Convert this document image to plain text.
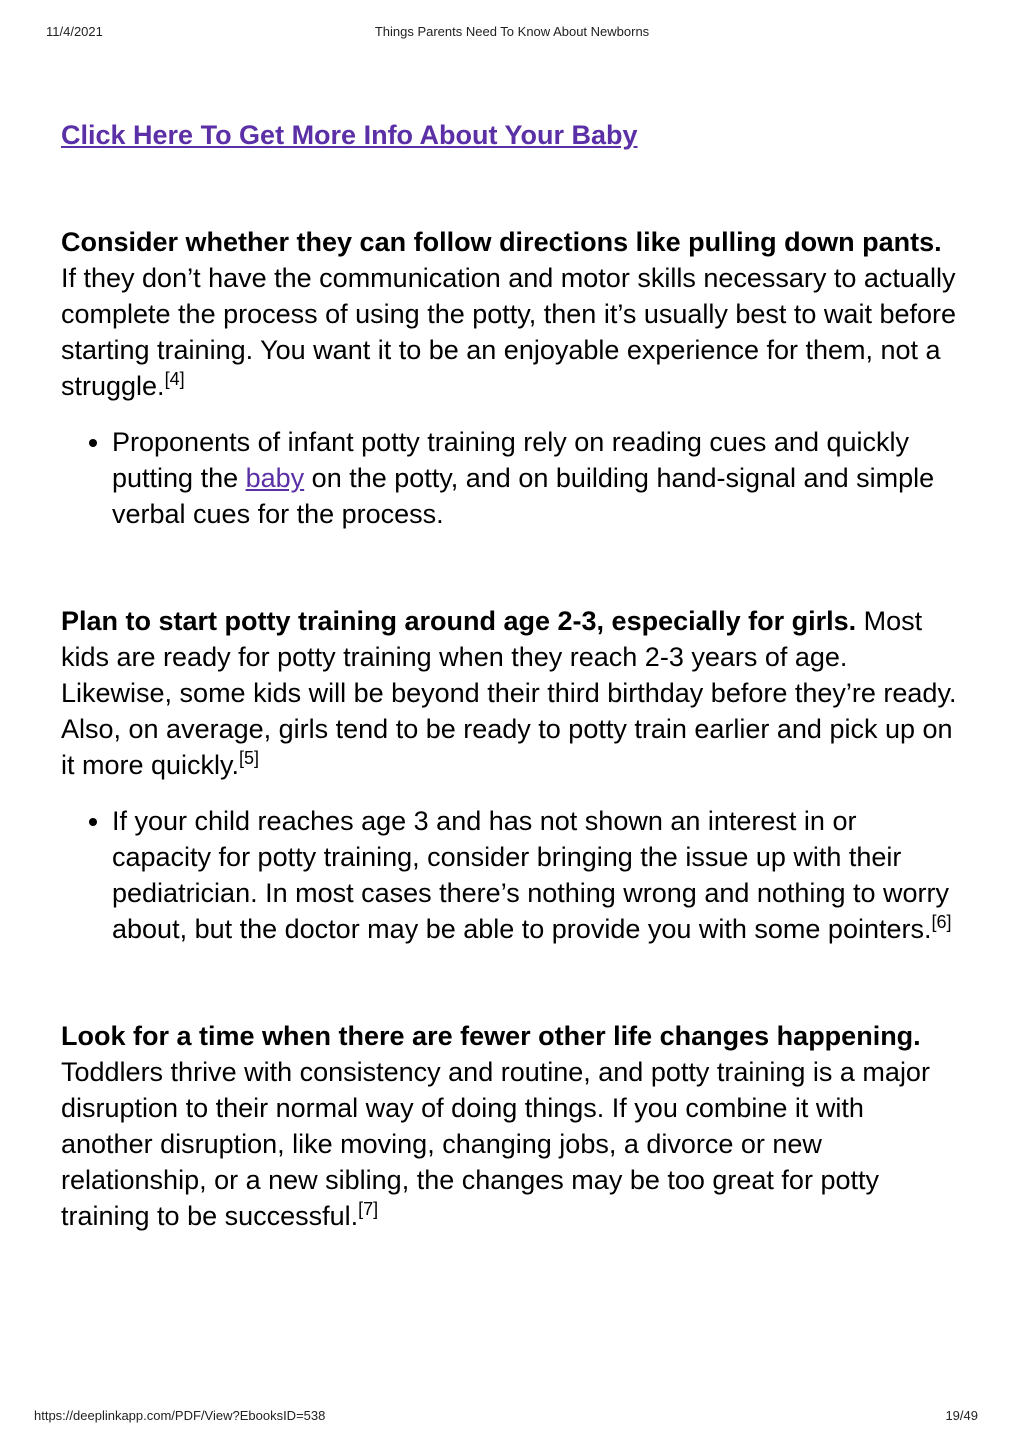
11/4/2021	Things Parents Need To Know About Newborns
Click Here To Get More Info About Your Baby

Consider whether they can follow directions like pulling down pants. If they don’t have the communication and motor skills necessary to actually complete the process of using the potty, then it’s usually best to wait before starting training. You want it to be an enjoyable experience for them, not a struggle.[4]

• Proponents of infant potty training rely on reading cues and quickly putting the baby on the potty, and on building hand-signal and simple verbal cues for the process.

Plan to start potty training around age 2-3, especially for girls. Most kids are ready for potty training when they reach 2-3 years of age. Likewise, some kids will be beyond their third birthday before they’re ready. Also, on average, girls tend to be ready to potty train earlier and pick up on it more quickly.[5]

• If your child reaches age 3 and has not shown an interest in or capacity for potty training, consider bringing the issue up with their pediatrician. In most cases there’s nothing wrong and nothing to worry about, but the doctor may be able to provide you with some pointers.[6]

Look for a time when there are fewer other life changes happening. Toddlers thrive with consistency and routine, and potty training is a major disruption to their normal way of doing things. If you combine it with another disruption, like moving, changing jobs, a divorce or new relationship, or a new sibling, the changes may be too great for potty training to be successful.[7]

https://deeplinkapp.com/PDF/View?EbooksID=538	19/49
